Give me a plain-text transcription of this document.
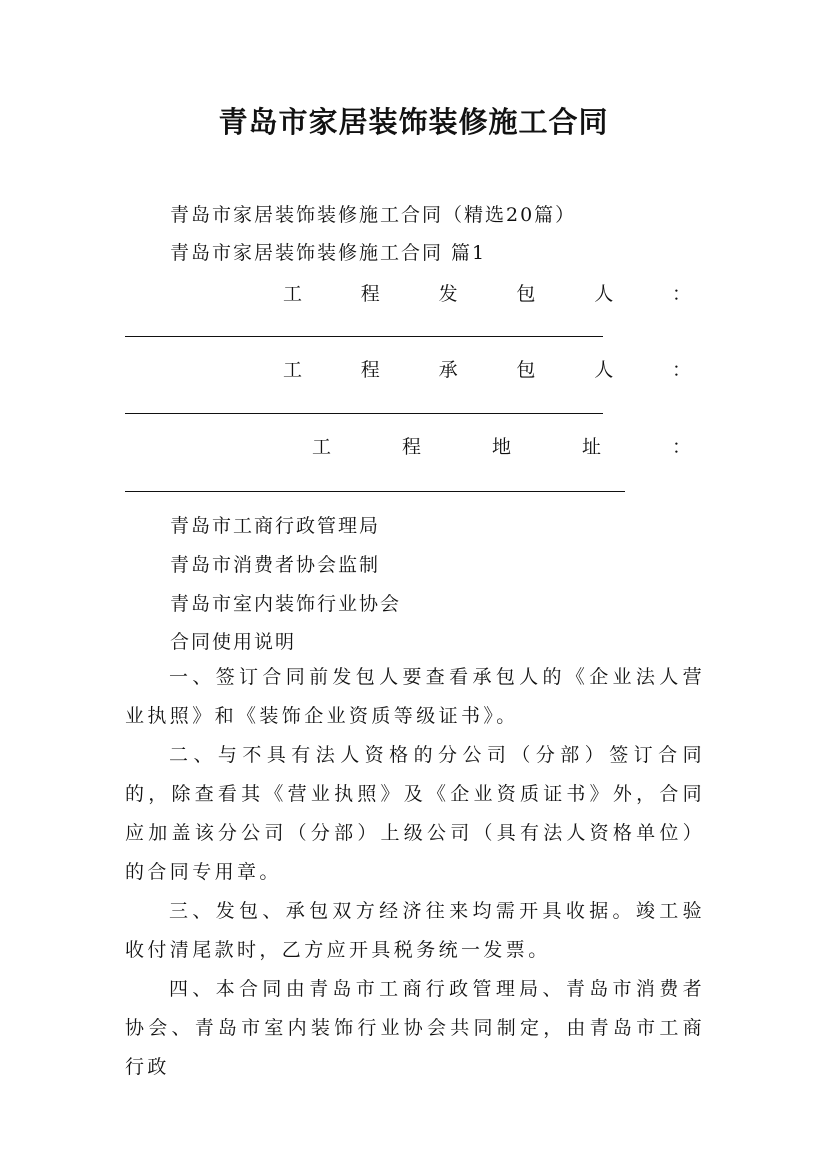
青岛市家居装饰装修施工合同
青岛市家居装饰装修施工合同（精选20篇）
青岛市家居装饰装修施工合同 篇1
工	程	发	包	人	：
工	程	承	包	人	：
工	程	地	址	：
青岛市工商行政管理局
青岛市消费者协会监制
青岛市室内装饰行业协会
合同使用说明
一、签订合同前发包人要查看承包人的《企业法人营业执照》和《装饰企业资质等级证书》。
二、与不具有法人资格的分公司（分部）签订合同的，除查看其《营业执照》及《企业资质证书》外，合同应加盖该分公司（分部）上级公司（具有法人资格单位）的合同专用章。
三、发包、承包双方经济往来均需开具收据。竣工验收付清尾款时，乙方应开具税务统一发票。
四、本合同由青岛市工商行政管理局、青岛市消费者协会、青岛市室内装饰行业协会共同制定，由青岛市工商行政
